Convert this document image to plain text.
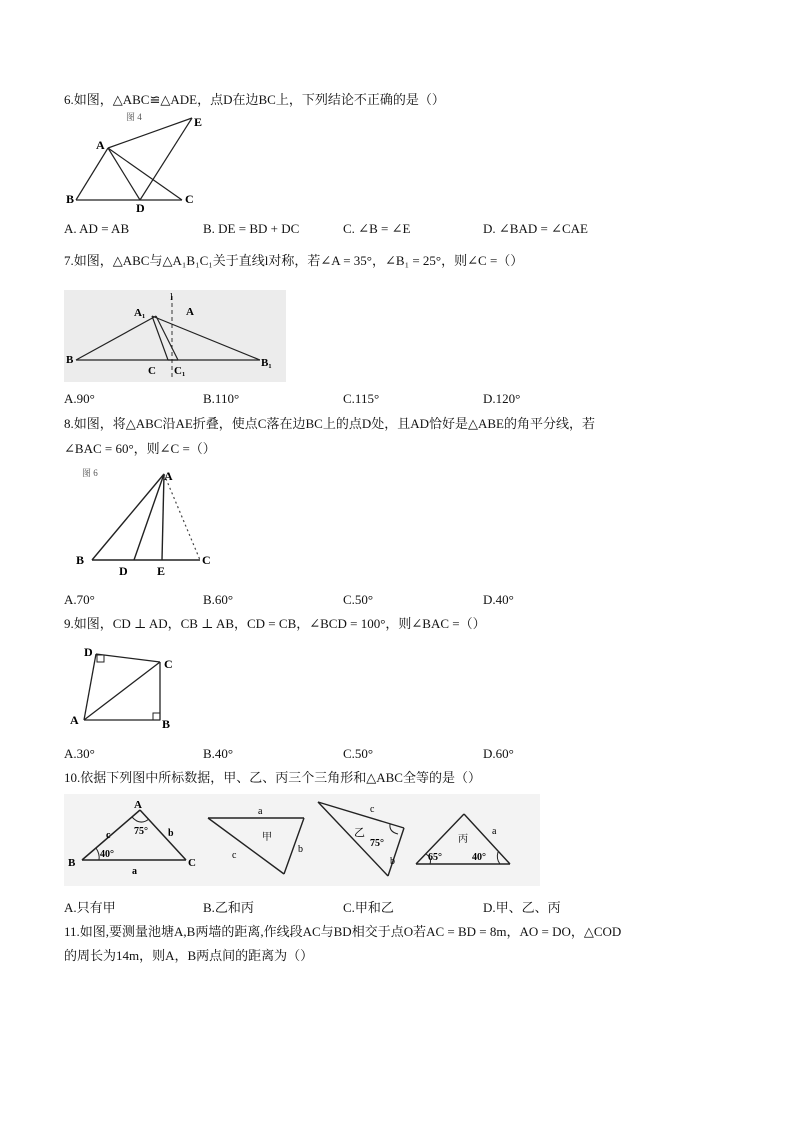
6.如图，△ABC≌△ADE，点D在边BC上，下列结论不正确的是（）
图 4
A
B
D
C
E
A. AD = AB	B. DE = BD + DC	C. ∠B = ∠E	D. ∠BAD = ∠CAE
7.如图，△ABC与△A₁B₁C₁关于直线l对称，若∠A = 35°，∠B₁ = 25°，则∠C =（）
l
A₁	A
B
C C₁
B₁
A.90°	B.110°	C.115°	D.120°
8.如图，将△ABC沿AE折叠，使点C落在边BC上的点D处，且AD恰好是△ABE的角平分线，若
∠BAC = 60°，则∠C =（）
图 6	A
B
D E
C
A.70°	B.60°	C.50°	D.40°
9.如图，CD ⊥ AD，CB ⊥ AB，CD = CB，∠BCD = 100°，则∠BAC =（）
D
C
A	B
A.30°	B.40°	C.50°	D.60°
10.依据下列图中所标数据，甲、乙、丙三个三角形和△ABC全等的是（）
A
B	C
75°
40°
c	b
a
a
c
b
甲
c
乙
75°
b
丙
a
65°	40°
A.只有甲	B.乙和丙	C.甲和乙	D.甲、乙、丙
11.如图,要测量池塘A,B两墙的距离,作线段AC与BD相交于点O若AC = BD = 8m，AO = DO，△COD
的周长为14m，则A，B两点间的距离为（）
